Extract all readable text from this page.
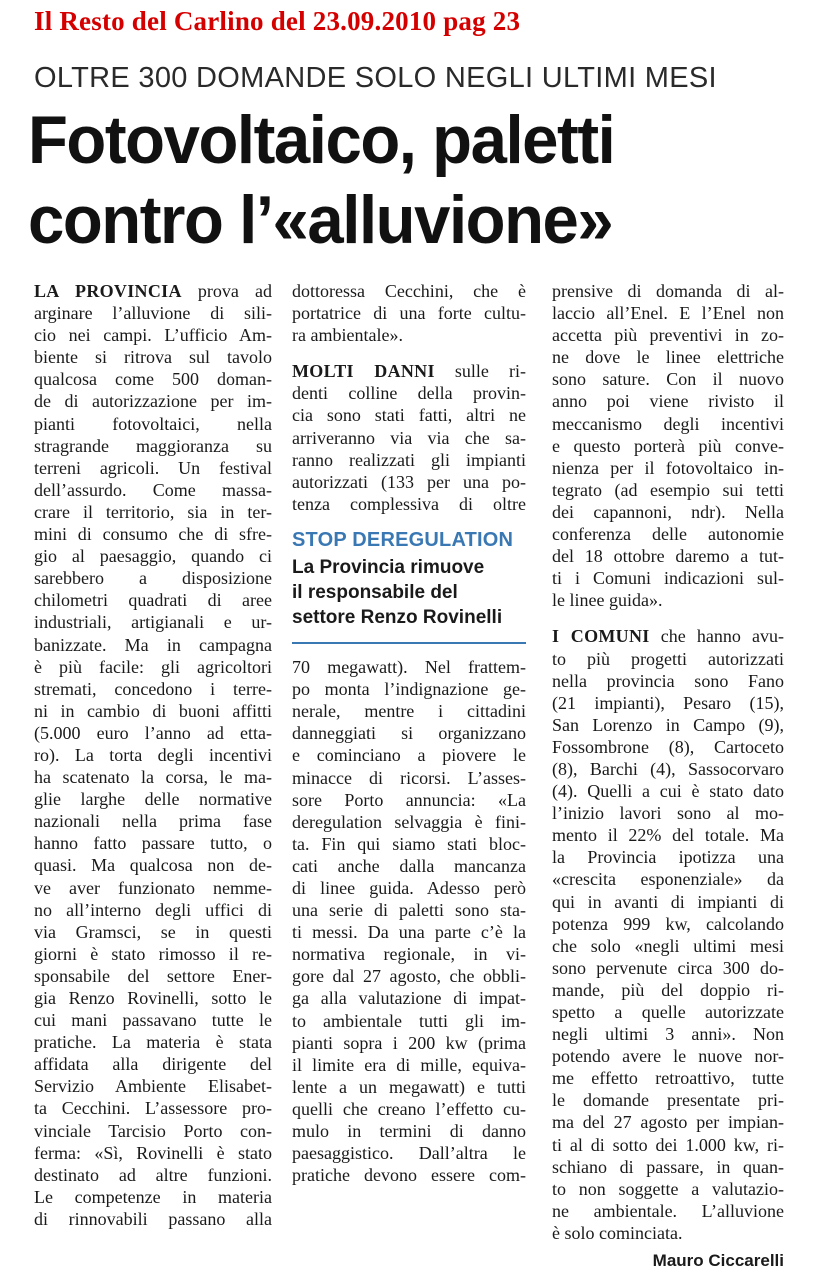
Il Resto del Carlino del 23.09.2010 pag 23
OLTRE 300 DOMANDE SOLO NEGLI ULTIMI MESI
Fotovoltaico, paletti
contro l’«alluvione»
LA PROVINCIA prova ad
arginare l’alluvione di sili-
cio nei campi. L’ufficio Am-
biente si ritrova sul tavolo
qualcosa come 500 doman-
de di autorizzazione per im-
pianti fotovoltaici, nella
stragrande maggioranza su
terreni agricoli. Un festival
dell’assurdo. Come massa-
crare il territorio, sia in ter-
mini di consumo che di sfre-
gio al paesaggio, quando ci
sarebbero a disposizione
chilometri quadrati di aree
industriali, artigianali e ur-
banizzate. Ma in campagna
è più facile: gli agricoltori
stremati, concedono i terre-
ni in cambio di buoni affitti
(5.000 euro l’anno ad etta-
ro). La torta degli incentivi
ha scatenato la corsa, le ma-
glie larghe delle normative
nazionali nella prima fase
hanno fatto passare tutto, o
quasi. Ma qualcosa non de-
ve aver funzionato nemme-
no all’interno degli uffici di
via Gramsci, se in questi
giorni è stato rimosso il re-
sponsabile del settore Ener-
gia Renzo Rovinelli, sotto le
cui mani passavano tutte le
pratiche. La materia è stata
affidata alla dirigente del
Servizio Ambiente Elisabet-
ta Cecchini. L’assessore pro-
vinciale Tarcisio Porto con-
ferma: «Sì, Rovinelli è stato
destinato ad altre funzioni.
Le competenze in materia
di rinnovabili passano alla
dottoressa Cecchini, che è
portatrice di una forte cultu-
ra ambientale».
MOLTI DANNI sulle ri-
denti colline della provin-
cia sono stati fatti, altri ne
arriveranno via via che sa-
ranno realizzati gli impianti
autorizzati (133 per una po-
tenza complessiva di oltre
STOP DEREGULATION
La Provincia rimuove
il responsabile del
settore Renzo Rovinelli
70 megawatt). Nel frattem-
po monta l’indignazione ge-
nerale, mentre i cittadini
danneggiati si organizzano
e cominciano a piovere le
minacce di ricorsi. L’asses-
sore Porto annuncia: «La
deregulation selvaggia è fini-
ta. Fin qui siamo stati bloc-
cati anche dalla mancanza
di linee guida. Adesso però
una serie di paletti sono sta-
ti messi. Da una parte c’è la
normativa regionale, in vi-
gore dal 27 agosto, che obbli-
ga alla valutazione di impat-
to ambientale tutti gli im-
pianti sopra i 200 kw (prima
il limite era di mille, equiva-
lente a un megawatt) e tutti
quelli che creano l’effetto cu-
mulo in termini di danno
paesaggistico. Dall’altra le
pratiche devono essere com-
prensive di domanda di al-
laccio all’Enel. E l’Enel non
accetta più preventivi in zo-
ne dove le linee elettriche
sono sature. Con il nuovo
anno poi viene rivisto il
meccanismo degli incentivi
e questo porterà più conve-
nienza per il fotovoltaico in-
tegrato (ad esempio sui tetti
dei capannoni, ndr). Nella
conferenza delle autonomie
del 18 ottobre daremo a tut-
ti i Comuni indicazioni sul-
le linee guida».
I COMUNI che hanno avu-
to più progetti autorizzati
nella provincia sono Fano
(21 impianti), Pesaro (15),
San Lorenzo in Campo (9),
Fossombrone (8), Cartoceto
(8), Barchi (4), Sassocorvaro
(4). Quelli a cui è stato dato
l’inizio lavori sono al mo-
mento il 22% del totale. Ma
la Provincia ipotizza una
«crescita esponenziale» da
qui in avanti di impianti di
potenza 999 kw, calcolando
che solo «negli ultimi mesi
sono pervenute circa 300 do-
mande, più del doppio ri-
spetto a quelle autorizzate
negli ultimi 3 anni». Non
potendo avere le nuove nor-
me effetto retroattivo, tutte
le domande presentate pri-
ma del 27 agosto per impian-
ti al di sotto dei 1.000 kw, ri-
schiano di passare, in quan-
to non soggette a valutazio-
ne ambientale. L’alluvione
è solo cominciata.
Mauro Ciccarelli
